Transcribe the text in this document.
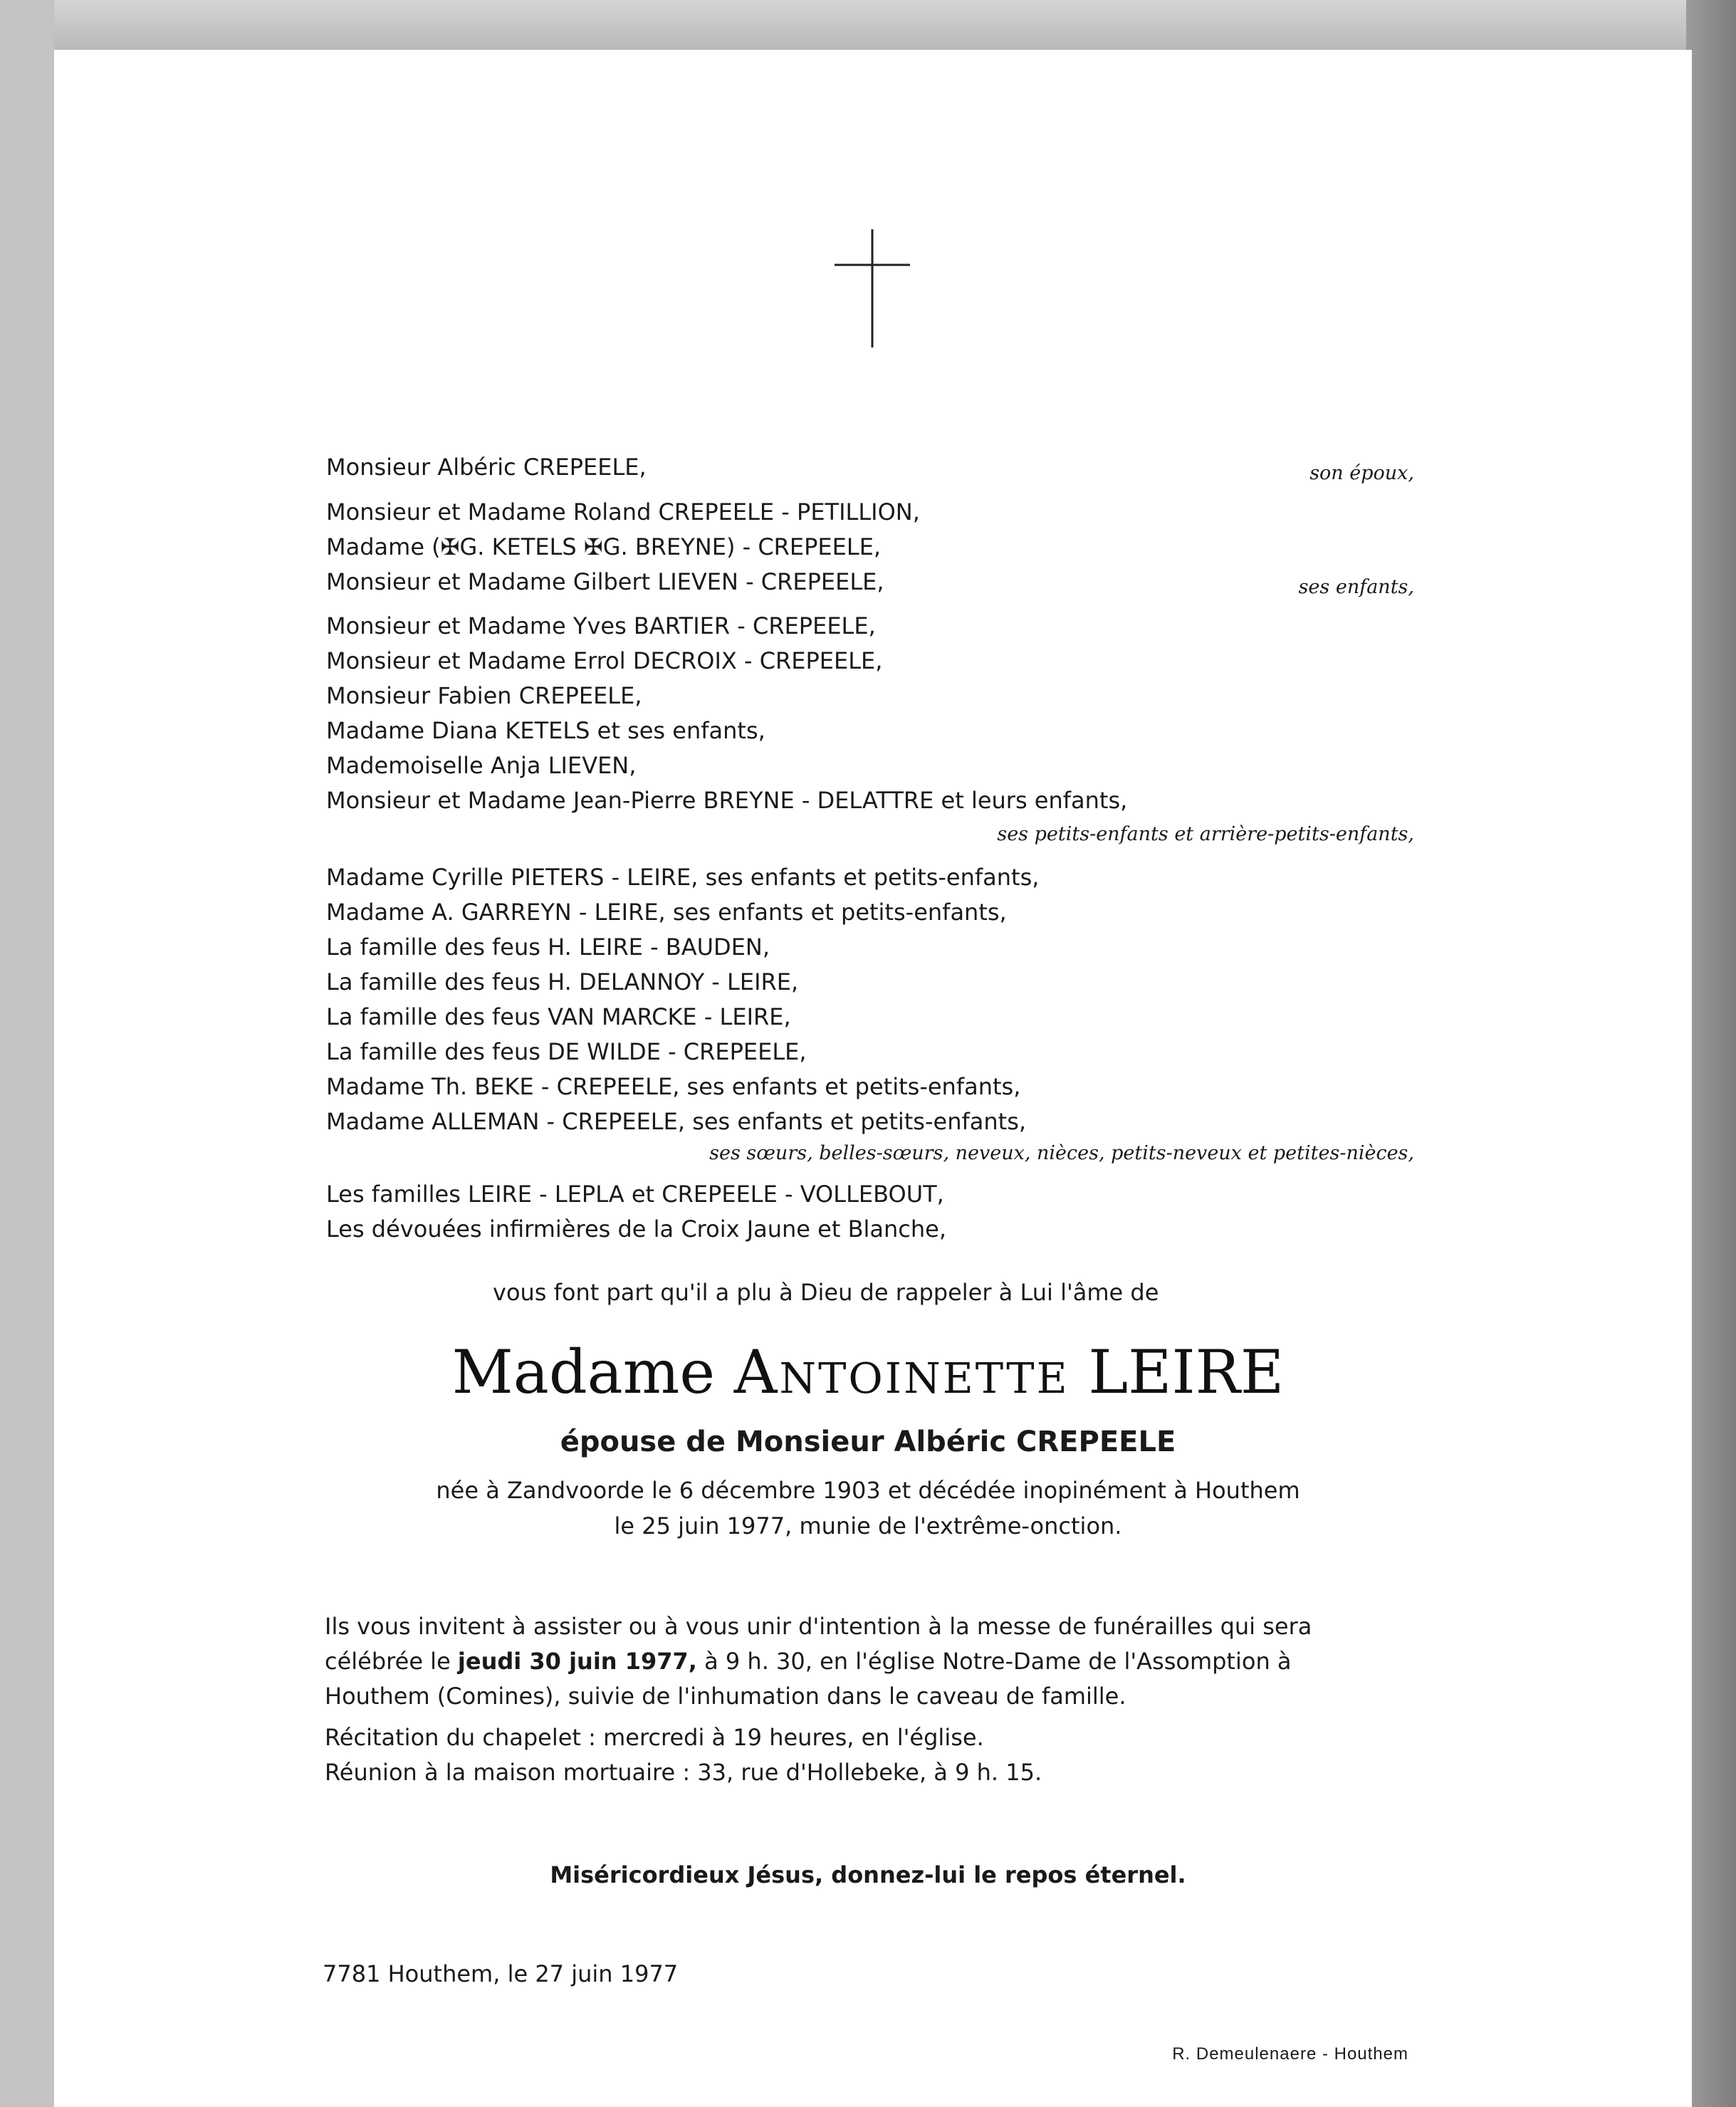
Monsieur Albéric CREPEELE,	son époux,
Monsieur et Madame Roland CREPEELE - PETILLION,
Madame (✠G. KETELS ✠G. BREYNE) - CREPEELE,
Monsieur et Madame Gilbert LIEVEN - CREPEELE,	ses enfants,
Monsieur et Madame Yves BARTIER - CREPEELE,
Monsieur et Madame Errol DECROIX - CREPEELE,
Monsieur Fabien CREPEELE,
Madame Diana KETELS et ses enfants,
Mademoiselle Anja LIEVEN,
Monsieur et Madame Jean-Pierre BREYNE - DELATTRE et leurs enfants,
ses petits-enfants et arrière-petits-enfants,
Madame Cyrille PIETERS - LEIRE, ses enfants et petits-enfants,
Madame A. GARREYN - LEIRE, ses enfants et petits-enfants,
La famille des feus H. LEIRE - BAUDEN,
La famille des feus H. DELANNOY - LEIRE,
La famille des feus VAN MARCKE - LEIRE,
La famille des feus DE WILDE - CREPEELE,
Madame Th. BEKE - CREPEELE, ses enfants et petits-enfants,
Madame ALLEMAN - CREPEELE, ses enfants et petits-enfants,
ses sœurs, belles-sœurs, neveux, nièces, petits-neveux et petites-nièces,
Les familles LEIRE - LEPLA et CREPEELE - VOLLEBOUT,
Les dévouées infirmières de la Croix Jaune et Blanche,
vous font part qu'il a plu à Dieu de rappeler à Lui l'âme de
Madame Antoinette LEIRE
épouse de Monsieur Albéric CREPEELE
née à Zandvoorde le 6 décembre 1903 et décédée inopinément à Houthem
le 25 juin 1977, munie de l'extrême-onction.
Ils vous invitent à assister ou à vous unir d'intention à la messe de funérailles qui sera
célébrée le jeudi 30 juin 1977, à 9 h. 30, en l'église Notre-Dame de l'Assomption à
Houthem (Comines), suivie de l'inhumation dans le caveau de famille.
Récitation du chapelet : mercredi à 19 heures, en l'église.
Réunion à la maison mortuaire : 33, rue d'Hollebeke, à 9 h. 15.
Miséricordieux Jésus, donnez-lui le repos éternel.
7781 Houthem, le 27 juin 1977
R. Demeulenaere - Houthem
